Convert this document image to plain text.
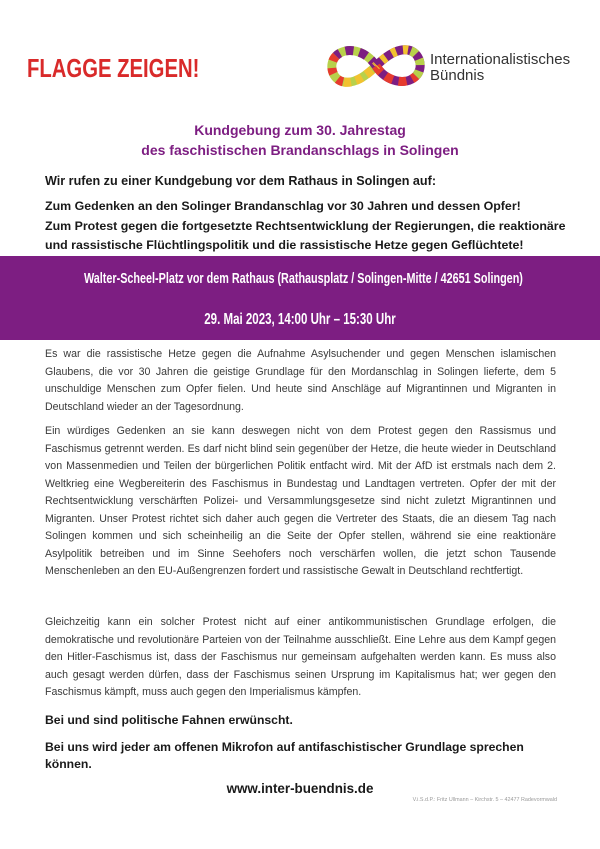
FLAGGE ZEIGEN!	Internationalistisches
Bündnis
Kundgebung zum 30. Jahrestag
des faschistischen Brandanschlags in Solingen
Wir rufen zu einer Kundgebung vor dem Rathaus in Solingen auf:
Zum Gedenken an den Solinger Brandanschlag vor 30 Jahren und dessen Opfer!
Zum Protest gegen die fortgesetzte Rechtsentwicklung der Regierungen, die reaktionäre
und rassistische Flüchtlingspolitik und die rassistische Hetze gegen Geflüchtete!
Walter-Scheel-Platz vor dem Rathaus (Rathausplatz / Solingen-Mitte / 42651 Solingen)
29. Mai 2023, 14:00 Uhr – 15:30 Uhr
Es war die rassistische Hetze gegen die Aufnahme Asylsuchender und gegen Menschen islamischen Glaubens, die vor 30 Jahren die geistige Grundlage für den Mordanschlag in Solingen lieferte, dem 5 unschuldige Menschen zum Opfer fielen. Und heute sind Anschläge auf Migrantinnen und Migranten in Deutschland wieder an der Tagesordnung.
Ein würdiges Gedenken an sie kann deswegen nicht von dem Protest gegen den Rassismus und Faschismus getrennt werden. Es darf nicht blind sein gegenüber der Hetze, die heute wieder in Deutschland von Massenmedien und Teilen der bürgerlichen Politik entfacht wird. Mit der AfD ist erstmals nach dem 2. Weltkrieg eine Wegbereiterin des Faschismus in Bundestag und Landtagen vertreten. Opfer der mit der Rechtsentwicklung verschärften Polizei- und Versammlungsgesetze sind nicht zuletzt Migrantinnen und Migranten. Unser Protest richtet sich daher auch gegen die Vertreter des Staats, die an diesem Tag nach Solingen kommen und sich scheinheilig an die Seite der Opfer stellen, während sie eine reaktionäre Asylpolitik betreiben und im Sinne Seehofers noch verschärfen wollen, die jetzt schon Tausende Menschenleben an den EU-Außengrenzen fordert und rassistische Gewalt in Deutschland rechtfertigt.
Gleichzeitig kann ein solcher Protest nicht auf einer antikommunistischen Grundlage erfolgen, die demokratische und revolutionäre Parteien von der Teilnahme ausschließt. Eine Lehre aus dem Kampf gegen den Hitler-Faschismus ist, dass der Faschismus nur gemeinsam aufgehalten werden kann. Es muss also auch gesagt werden dürfen, dass der Faschismus seinen Ursprung im Kapitalismus hat; wer gegen den Faschismus kämpft, muss auch gegen den Imperialismus kämpfen.
Bei und sind politische Fahnen erwünscht.
Bei uns wird jeder am offenen Mikrofon auf antifaschistischer Grundlage sprechen können.
www.inter-buendnis.de
V.i.S.d.P.: Fritz Ullmann – Kirchstr. 5 – 42477 Radevormwald
